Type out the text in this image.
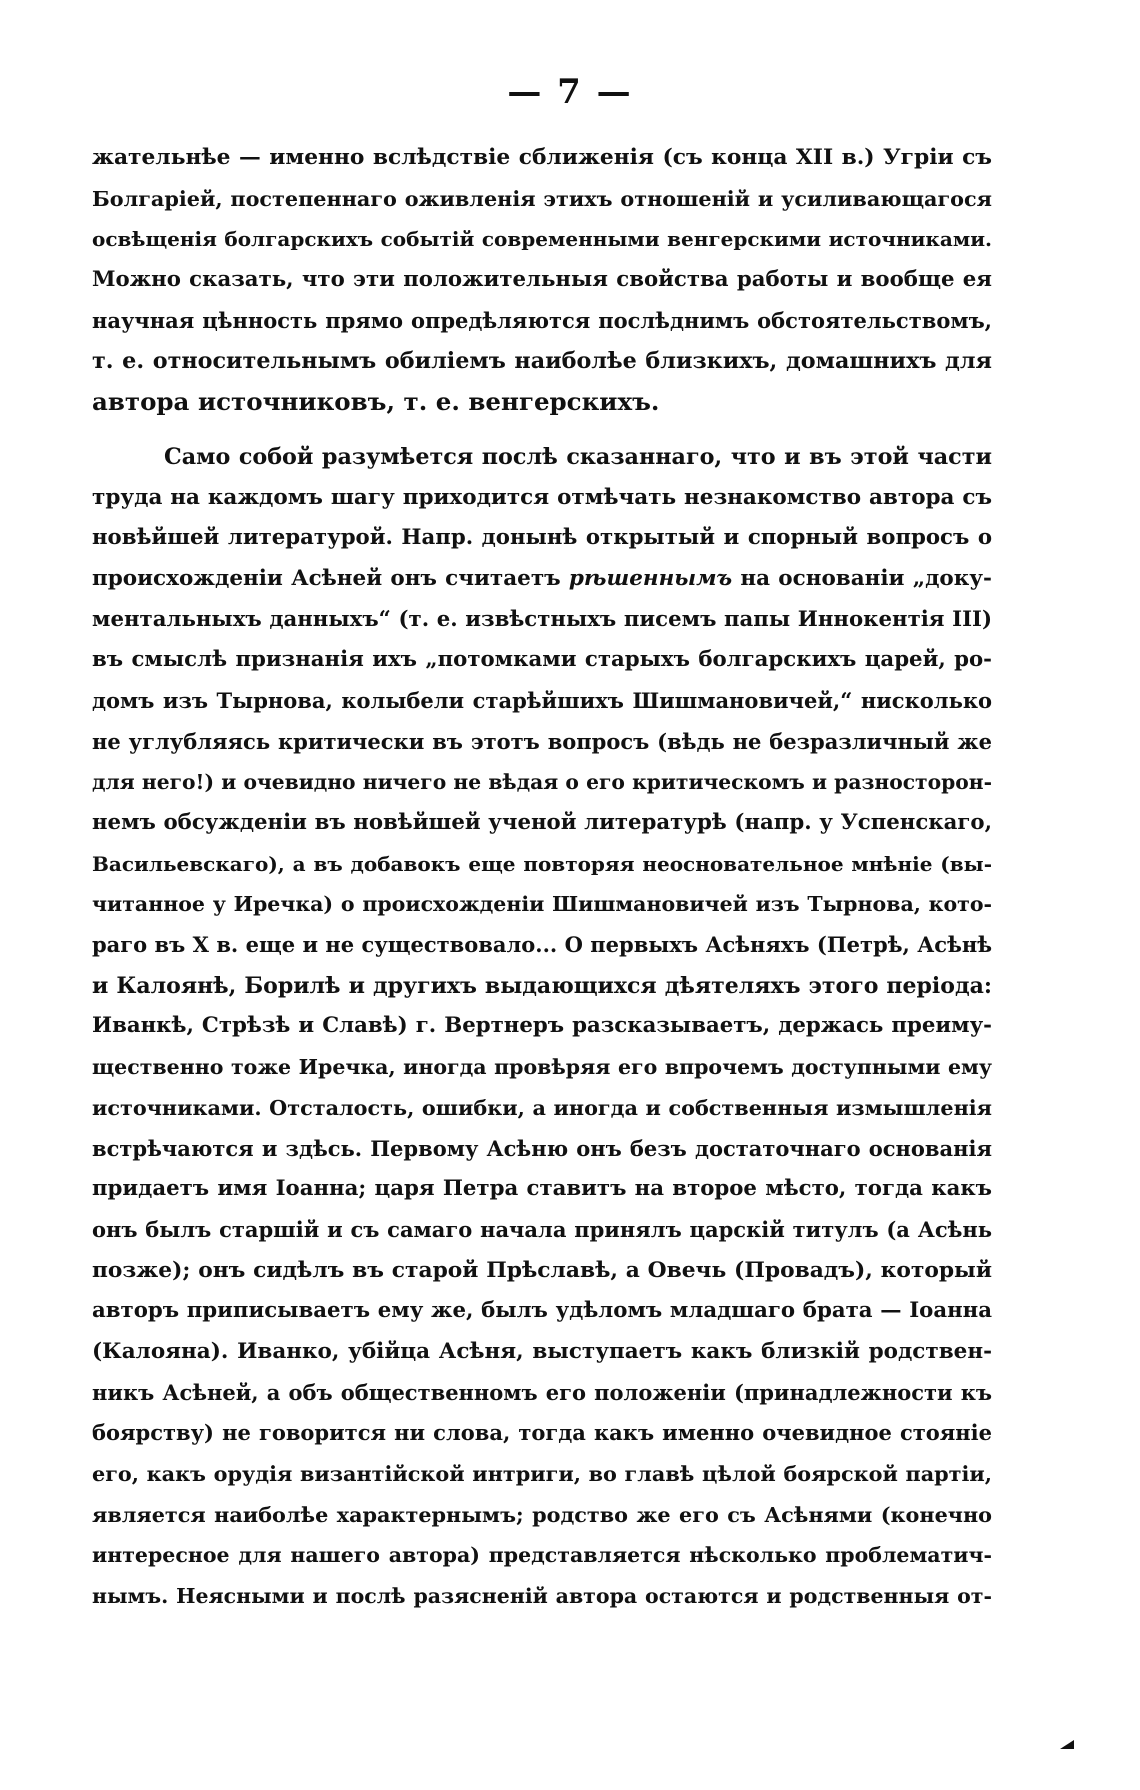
— 7 —
жательнѣе — именно вслѣдствіе сближенія (съ конца XII в.) Угріи съ
Болгаріей, постепеннаго оживленія этихъ отношеній и усиливающагося
освѣщенія болгарскихъ событій современными венгерскими источниками.
Можно сказать, что эти положительныя свойства работы и вообще ея
научная цѣнность прямо опредѣляются послѣднимъ обстоятельствомъ,
т. е. относительнымъ обиліемъ наиболѣе близкихъ, домашнихъ для
автора источниковъ, т. е. венгерскихъ.
Само собой разумѣется послѣ сказаннаго, что и въ этой части
труда на каждомъ шагу приходится отмѣчать незнакомство автора съ
новѣйшей литературой. Напр. донынѣ открытый и спорный вопросъ о
происхожденіи Асѣней онъ считаетъ рѣшеннымъ на основаніи „доку-
ментальныхъ данныхъ“ (т. е. извѣстныхъ писемъ папы Иннокентія III)
въ смыслѣ признанія ихъ „потомками старыхъ болгарскихъ царей, ро-
домъ изъ Тырнова, колыбели старѣйшихъ Шишмановичей,“ нисколько
не углубляясь критически въ этотъ вопросъ (вѣдь не безразличный же
для него!) и очевидно ничего не вѣдая о его критическомъ и разносторон-
немъ обсужденіи въ новѣйшей ученой литературѣ (напр. у Успенскаго,
Васильевскаго), а въ добавокъ еще повторяя неосновательное мнѣніе (вы-
читанное у Иречка) о происхожденіи Шишмановичей изъ Тырнова, кото-
раго въ X в. еще и не существовало... О первыхъ Асѣняхъ (Петрѣ, Асѣнѣ
и Калоянѣ, Борилѣ и другихъ выдающихся дѣятеляхъ этого періода:
Иванкѣ, Стрѣзѣ и Славѣ) г. Вертнеръ разсказываетъ, держась преиму-
щественно тоже Иречка, иногда провѣряя его впрочемъ доступными ему
источниками. Отсталость, ошибки, а иногда и собственныя измышленія
встрѣчаются и здѣсь. Первому Асѣню онъ безъ достаточнаго основанія
придаетъ имя Іоанна; царя Петра ставитъ на второе мѣсто, тогда какъ
онъ былъ старшій и съ самаго начала принялъ царскій титулъ (а Асѣнь
позже); онъ сидѣлъ въ старой Прѣславѣ, а Овечь (Провадъ), который
авторъ приписываетъ ему же, былъ удѣломъ младшаго брата — Іоанна
(Калояна). Иванко, убійца Асѣня, выступаетъ какъ близкій родствен-
никъ Асѣней, а объ общественномъ его положеніи (принадлежности къ
боярству) не говорится ни слова, тогда какъ именно очевидное стояніе
его, какъ орудія византійской интриги, во главѣ цѣлой боярской партіи,
является наиболѣе характернымъ; родство же его съ Асѣнями (конечно
интересное для нашего автора) представляется нѣсколько проблематич-
нымъ. Неясными и послѣ разясненій автора остаются и родственныя от-
